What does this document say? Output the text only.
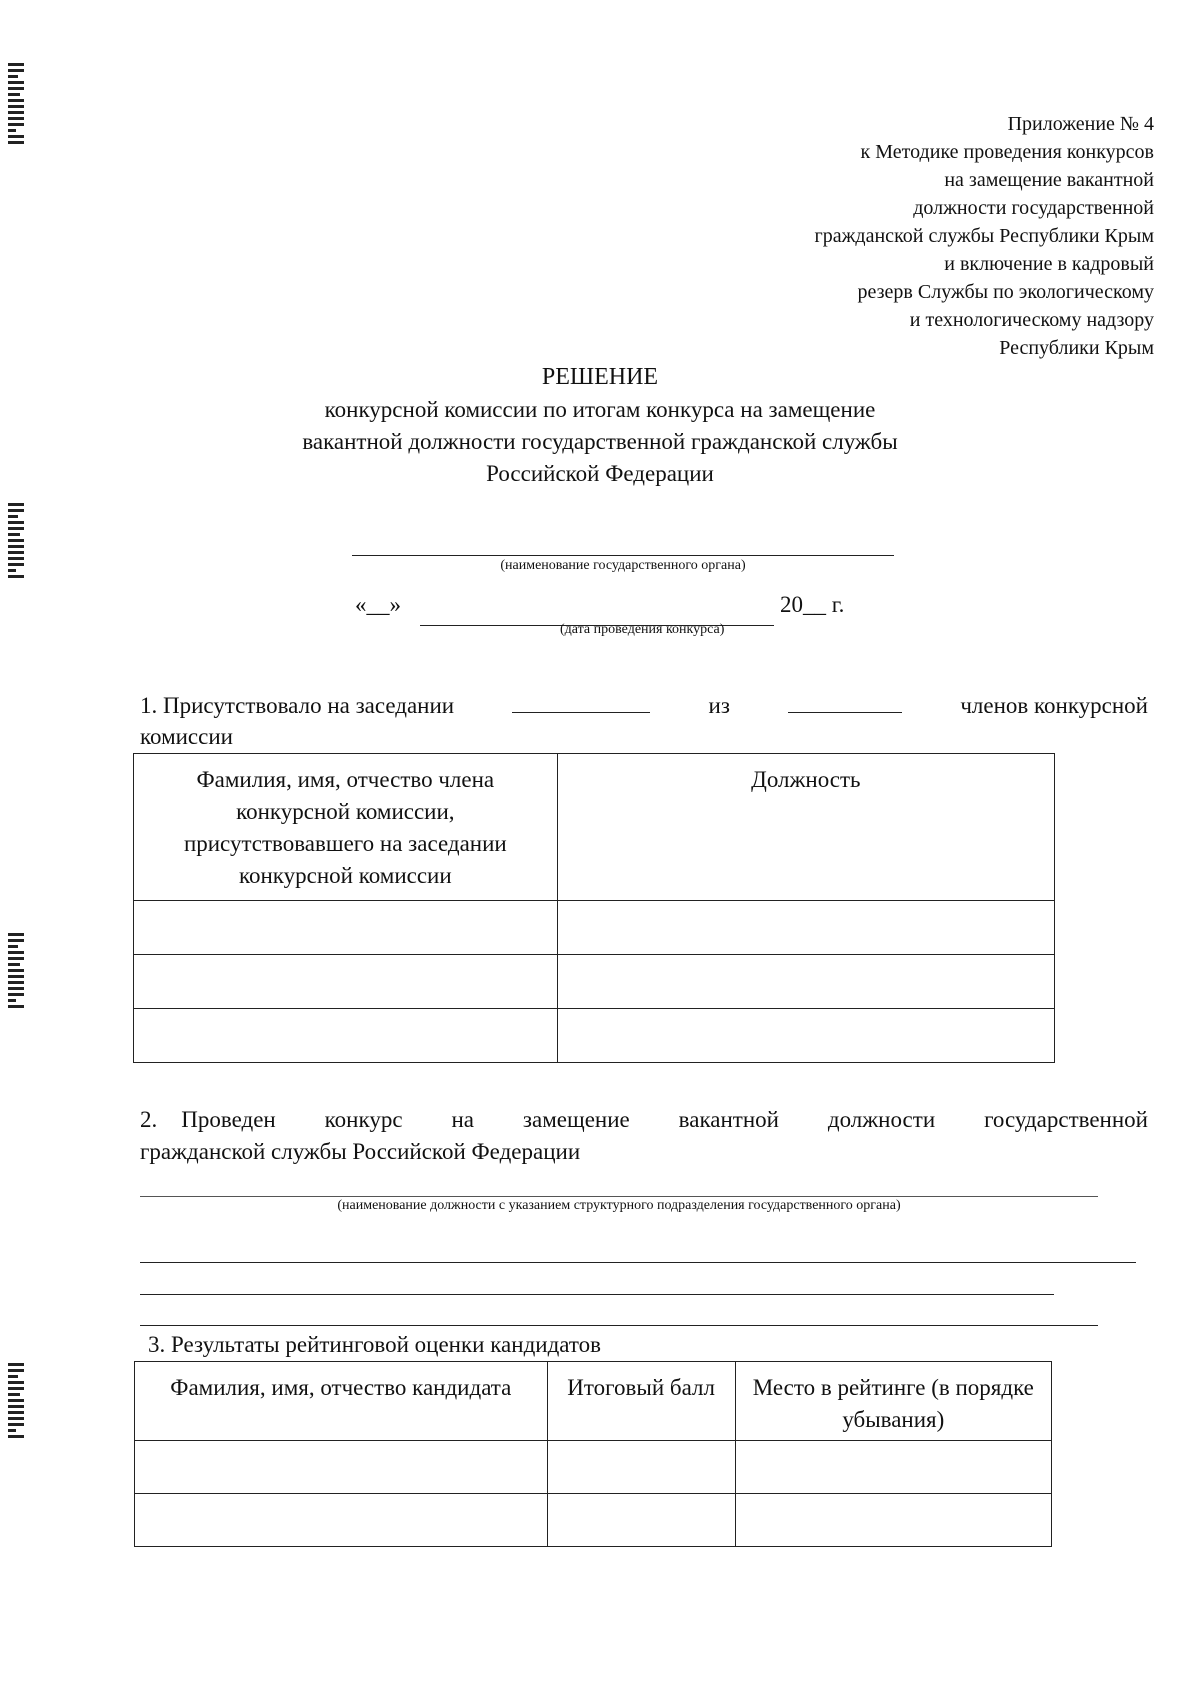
Приложение № 4
к Методике проведения конкурсов
на замещение вакантной
должности государственной
гражданской службы Республики Крым
и включение в кадровый
резерв Службы по экологическому
и технологическому надзору
Республики Крым
РЕШЕНИЕ
конкурсной комиссии по итогам конкурса на замещение
вакантной должности государственной гражданской службы
Российской Федерации
(наименование государственного органа)
«__»	20__ г.
(дата проведения конкурса)
1. Присутствовало на заседании	из	членов конкурсной
комиссии
Фамилия, имя, отчество члена конкурсной комиссии, присутствовавшего на заседании конкурсной комиссии	Должность

2. Проведен конкурс на замещение вакантной должности государственной
гражданской службы Российской Федерации
(наименование должности с указанием структурного подразделения государственного органа)
3. Результаты рейтинговой оценки кандидатов
Фамилия, имя, отчество кандидата	Итоговый балл	Место в рейтинге (в порядке убывания)
